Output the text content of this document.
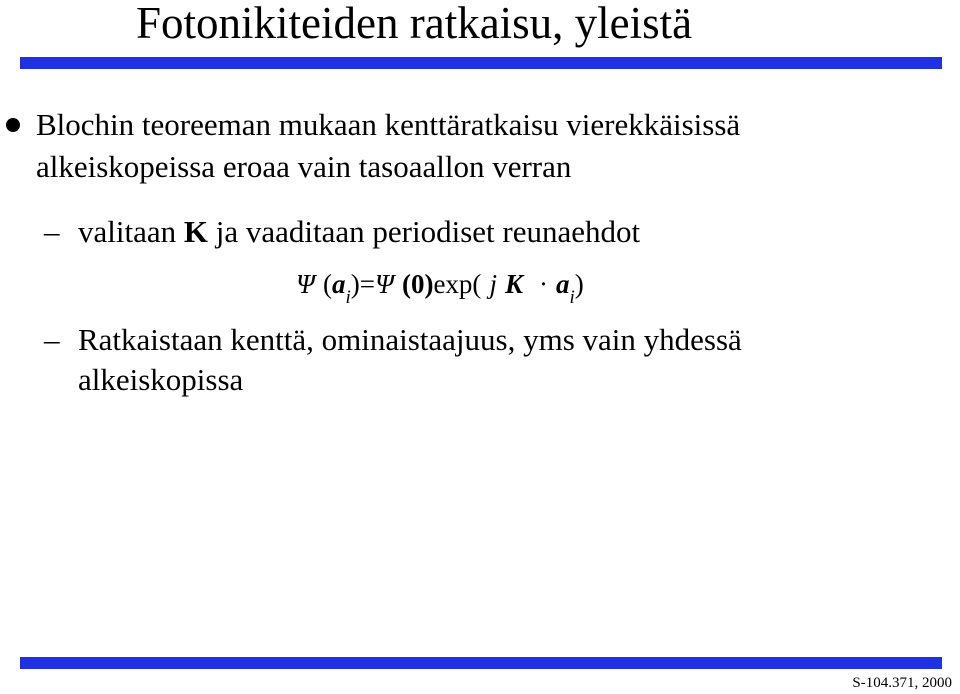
Fotonikiteiden ratkaisu, yleistä
Blochin teoreeman mukaan kenttäratkaisu vierekkäisissä
alkeiskopeissa eroaa vain tasoaallon verran
– valitaan K ja vaaditaan periodiset reunaehdot
Ψ $(a_i)=\Psi$ (0)exp( j $K \cdot a_i$)
– Ratkaistaan kenttä, ominaistaajuus, yms vain yhdessä
alkeiskopissa
S-104.371, 2000
